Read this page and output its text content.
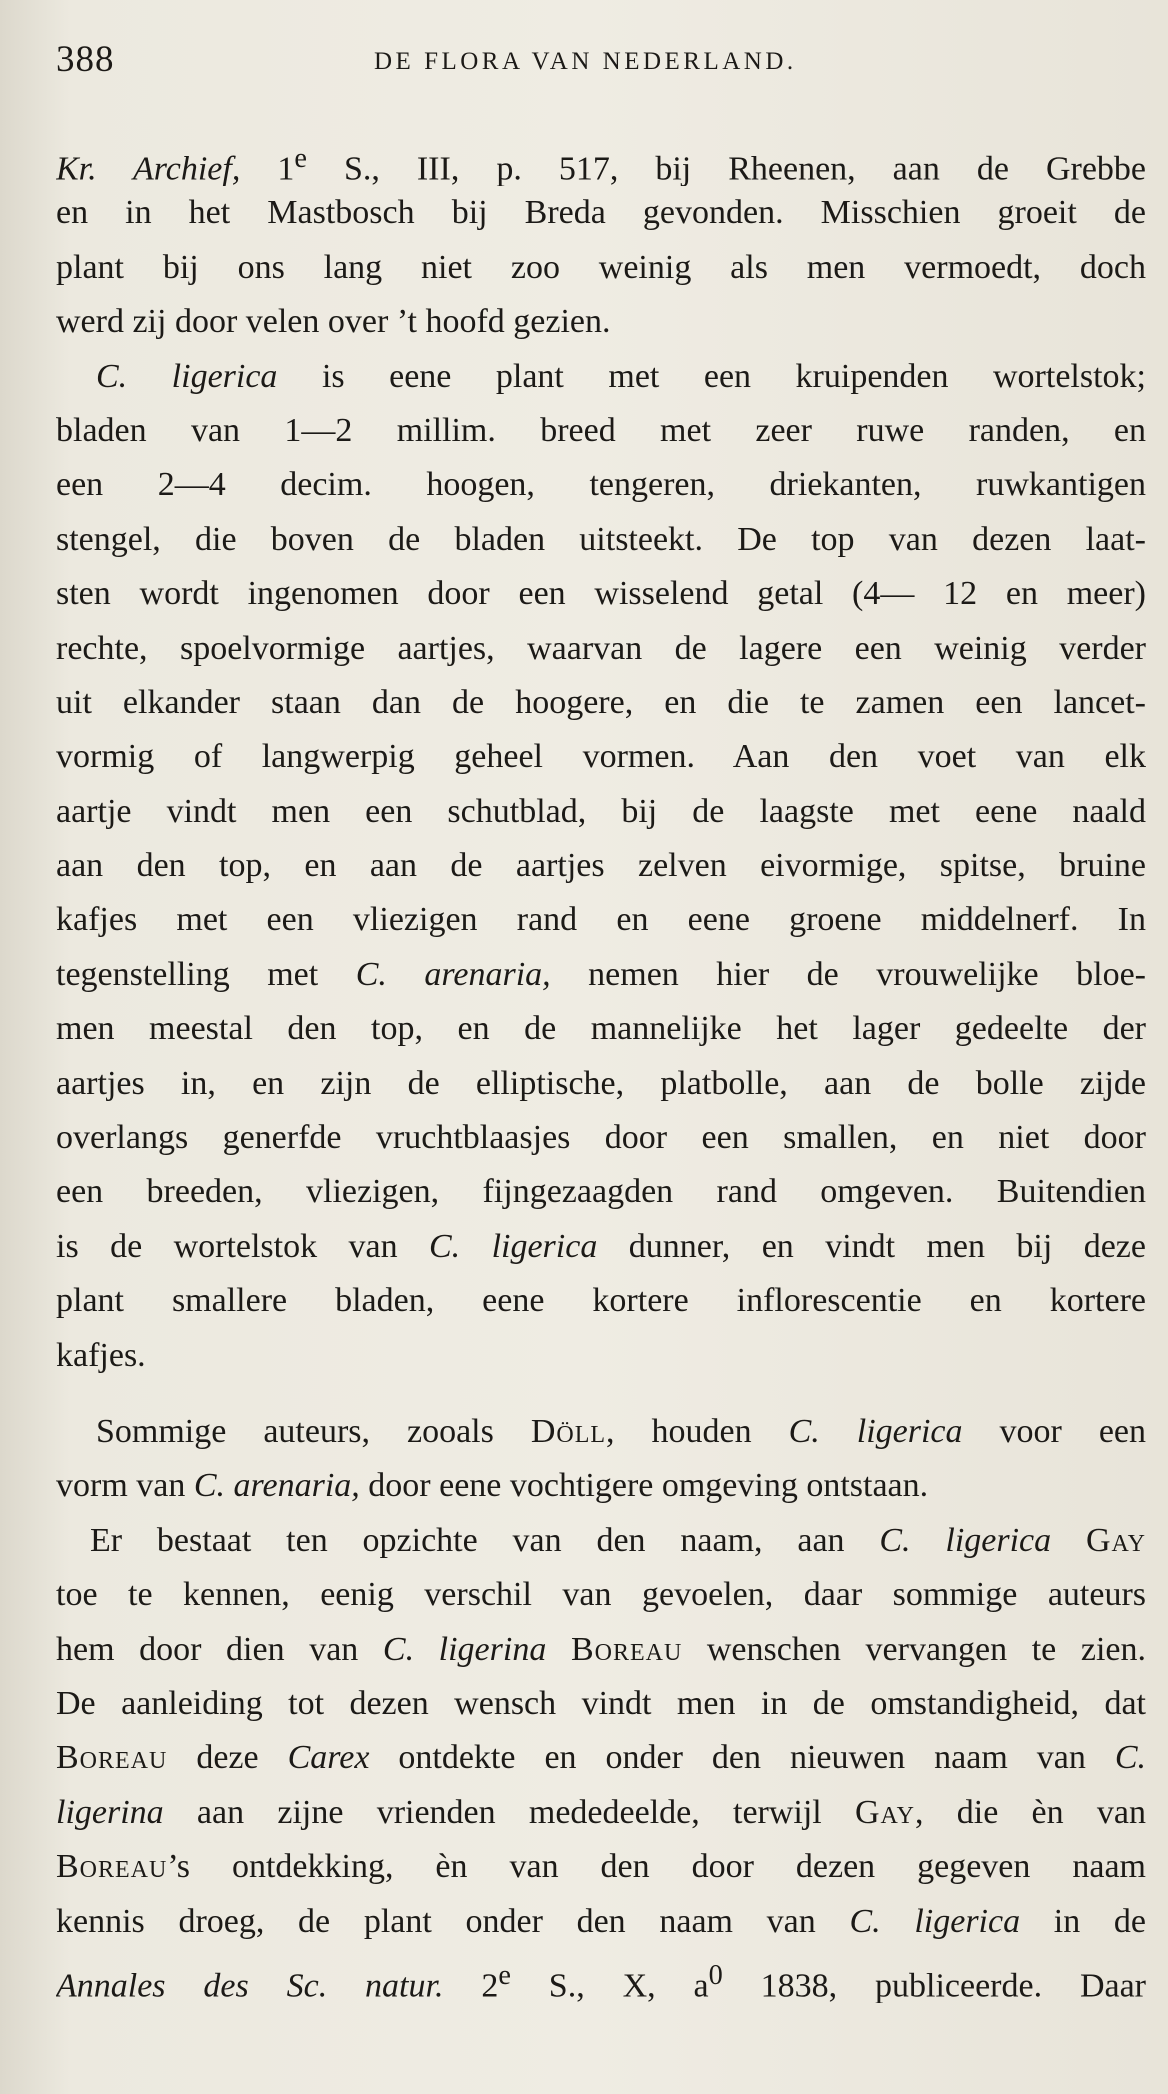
388	DE FLORA VAN NEDERLAND.
Kr. Archief, 1e S., III, p. 517, bij Rheenen, aan de Grebbe
en in het Mastbosch bij Breda gevonden. Misschien groeit de
plant bij ons lang niet zoo weinig als men vermoedt, doch
werd zij door velen over ’t hoofd gezien.
C. ligerica is eene plant met een kruipenden wortelstok;
bladen van 1—2 millim. breed met zeer ruwe randen, en
een 2—4 decim. hoogen, tengeren, driekanten, ruwkantigen
stengel, die boven de bladen uitsteekt. De top van dezen laat-
sten wordt ingenomen door een wisselend getal (4— 12 en meer)
rechte, spoelvormige aartjes, waarvan de lagere een weinig verder
uit elkander staan dan de hoogere, en die te zamen een lancet-
vormig of langwerpig geheel vormen. Aan den voet van elk
aartje vindt men een schutblad, bij de laagste met eene naald
aan den top, en aan de aartjes zelven eivormige, spitse, bruine
kafjes met een vliezigen rand en eene groene middelnerf. In
tegenstelling met C. arenaria, nemen hier de vrouwelijke bloe-
men meestal den top, en de mannelijke het lager gedeelte der
aartjes in, en zijn de elliptische, platbolle, aan de bolle zijde
overlangs generfde vruchtblaasjes door een smallen, en niet door
een breeden, vliezigen, fijngezaagden rand omgeven. Buitendien
is de wortelstok van C. ligerica dunner, en vindt men bij deze
plant smallere bladen, eene kortere inflorescentie en kortere
kafjes.
Sommige auteurs, zooals Döll, houden C. ligerica voor een
vorm van C. arenaria, door eene vochtigere omgeving ontstaan.
Er bestaat ten opzichte van den naam, aan C. ligerica Gay
toe te kennen, eenig verschil van gevoelen, daar sommige auteurs
hem door dien van C. ligerina Boreau wenschen vervangen te zien.
De aanleiding tot dezen wensch vindt men in de omstandigheid, dat
Boreau deze Carex ontdekte en onder den nieuwen naam van C.
ligerina aan zijne vrienden mededeelde, terwijl Gay, die èn van
Boreau’s ontdekking, èn van den door dezen gegeven naam
kennis droeg, de plant onder den naam van C. ligerica in de
Annales des Sc. natur. 2e S., X, $a^0$ 1838, publiceerde. Daar
